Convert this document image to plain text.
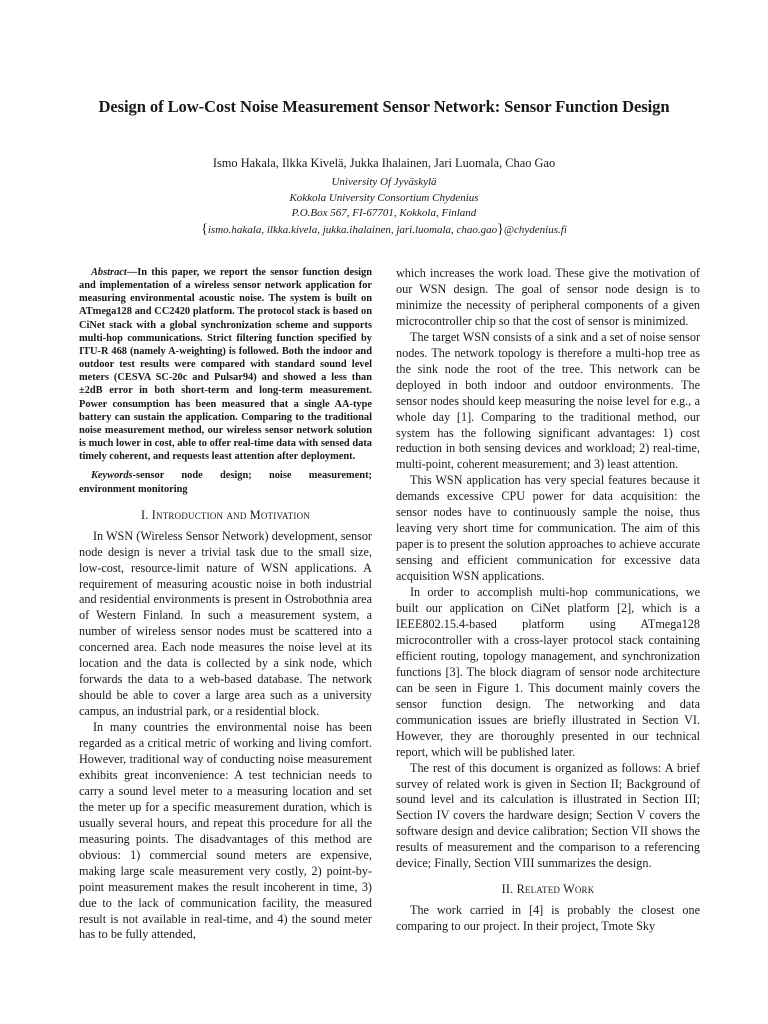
Design of Low-Cost Noise Measurement Sensor Network: Sensor Function Design
Ismo Hakala, Ilkka Kivelä, Jukka Ihalainen, Jari Luomala, Chao Gao
University Of Jyväskylä
Kokkola University Consortium Chydenius
P.O.Box 567, FI-67701, Kokkola, Finland
{ismo.hakala, ilkka.kivela, jukka.ihalainen, jari.luomala, chao.gao}@chydenius.fi

Abstract—In this paper, we report the sensor function design and implementation of a wireless sensor network application for measuring environmental acoustic noise. The system is built on ATmega128 and CC2420 platform. The protocol stack is based on CiNet stack with a global synchronization scheme and supports multi-hop communications. Strict filtering function specified by ITU-R 468 (namely A-weighting) is followed. Both the indoor and outdoor test results were compared with standard sound level meters (CESVA SC-20c and Pulsar94) and showed a less than ±2dB error in both short-term and long-term measurement. Power consumption has been measured that a single AA-type battery can sustain the application. Comparing to the traditional noise measurement method, our wireless sensor network solution is much lower in cost, able to offer real-time data with sensed data timely coherent, and requests least attention after deployment.

Keywords-sensor node design; noise measurement; environment monitoring

I. Introduction and Motivation

In WSN (Wireless Sensor Network) development, sensor node design is never a trivial task due to the small size, low-cost, resource-limit nature of WSN applications. A requirement of measuring acoustic noise in both industrial and residential environments is present in Ostrobothnia area of Western Finland. In such a measurement system, a number of wireless sensor nodes must be scattered into a concerned area. Each node measures the noise level at its location and the data is collected by a sink node, which forwards the data to a web-based database. The network should be able to cover a large area such as a university campus, an industrial park, or a residential block.

In many countries the environmental noise has been regarded as a critical metric of working and living comfort. However, traditional way of conducting noise measurement exhibits great inconvenience: A test technician needs to carry a sound level meter to a measuring location and set the meter up for a specific measurement duration, which is usually several hours, and repeat this procedure for all the measuring points. The disadvantages of this method are obvious: 1) commercial sound meters are expensive, making large scale measurement very costly, 2) point-by-point measurement makes the result incoherent in time, 3) due to the lack of communication facility, the measured result is not available in real-time, and 4) the sound meter has to be fully attended,

which increases the work load. These give the motivation of our WSN design. The goal of sensor node design is to minimize the necessity of peripheral components of a given microcontroller chip so that the cost of sensor is minimized.

The target WSN consists of a sink and a set of noise sensor nodes. The network topology is therefore a multi-hop tree as the sink node the root of the tree. This network can be deployed in both indoor and outdoor environments. The sensor nodes should keep measuring the noise level for e.g., a whole day [1]. Comparing to the traditional method, our system has the following significant advantages: 1) cost reduction in both sensing devices and workload; 2) real-time, multi-point, coherent measurement; and 3) least attention.

This WSN application has very special features because it demands excessive CPU power for data acquisition: the sensor nodes have to continuously sample the noise, thus leaving very short time for communication. The aim of this paper is to present the solution approaches to achieve accurate sensing and efficient communication for excessive data acquisition WSN applications.

In order to accomplish multi-hop communications, we built our application on CiNet platform [2], which is a IEEE802.15.4-based platform using ATmega128 microcontroller with a cross-layer protocol stack containing efficient routing, topology management, and synchronization functions [3]. The block diagram of sensor node architecture can be seen in Figure 1. This document mainly covers the sensor function design. The networking and data communication issues are briefly illustrated in Section VI. However, they are thoroughly presented in our technical report, which will be published later.

The rest of this document is organized as follows: A brief survey of related work is given in Section II; Background of sound level and its calculation is illustrated in Section III; Section IV covers the hardware design; Section V covers the software design and device calibration; Section VII shows the results of measurement and the comparison to a referencing device; Finally, Section VIII summarizes the design.

II. Related Work

The work carried in [4] is probably the closest one comparing to our project. In their project, Tmote Sky
